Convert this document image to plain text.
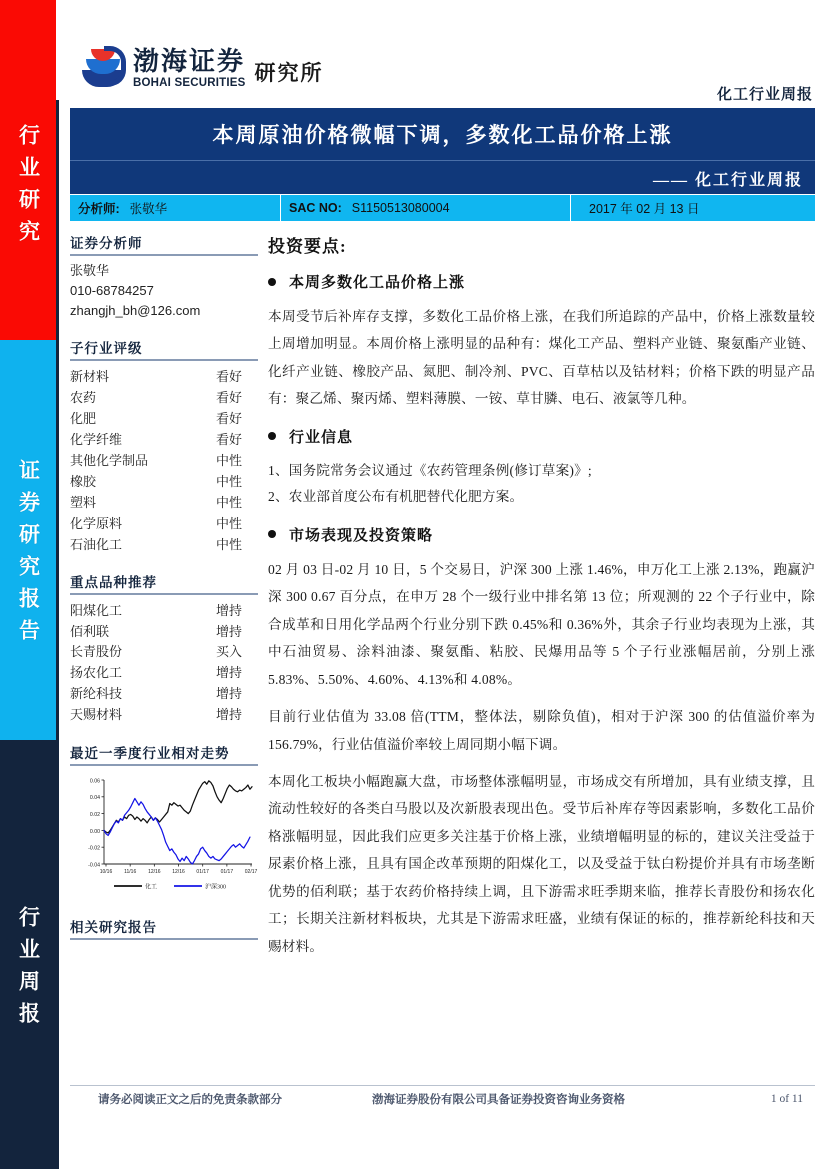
行业研究
证券研究报告
行业周报
渤海证券
BOHAI SECURITIES 研究所
化工行业周报
本周原油价格微幅下调，多数化工品价格上涨
—— 化工行业周报
分析师: 张敬华	SAC NO: S1150513080004	2017 年 02 月 13 日
证券分析师
张敬华
010-68784257
zhangjh_bh@126.com
子行业评级
新材料	看好
农药	看好
化肥	看好
化学纤维	看好
其他化学制品	中性
橡胶	中性
塑料	中性
化学原料	中性
石油化工	中性
重点品种推荐
阳煤化工	增持
佰利联	增持
长青股份	买入
扬农化工	增持
新纶科技	增持
天赐材料	增持
最近一季度行业相对走势
-0.04
-0.02
0.00
0.02
0.04
0.06
10/16 11/16 12/16 12/16 01/17 01/17 02/17
化工	沪深300
相关研究报告
投资要点:
本周多数化工品价格上涨

本周受节后补库存支撑，多数化工品价格上涨，在我们所追踪的产品中，价格上涨数量较上周增加明显。本周价格上涨明显的品种有：煤化工产品、塑料产业链、聚氨酯产业链、化纤产业链、橡胶产品、氮肥、制冷剂、PVC、百草枯以及钴材料；价格下跌的明显产品有：聚乙烯、聚丙烯、塑料薄膜、一铵、草甘膦、电石、液氯等几种。

行业信息

1、国务院常务会议通过《农药管理条例(修订草案)》;

2、农业部首度公布有机肥替代化肥方案。

市场表现及投资策略

02 月 03 日-02 月 10 日，5 个交易日，沪深 300 上涨 1.46%，申万化工上涨 2.13%，跑赢沪深 300 0.67 百分点，在申万 28 个一级行业中排名第 13 位；所观测的 22 个子行业中，除合成革和日用化学品两个行业分别下跌 0.45%和 0.36%外，其余子行业均表现为上涨，其中石油贸易、涂料油漆、聚氨酯、粘胶、民爆用品等 5 个子行业涨幅居前，分别上涨 5.83%、5.50%、4.60%、4.13%和 4.08%。

目前行业估值为 33.08 倍(TTM，整体法，剔除负值)，相对于沪深 300 的估值溢价率为 156.79%，行业估值溢价率较上周同期小幅下调。

本周化工板块小幅跑赢大盘，市场整体涨幅明显，市场成交有所增加，具有业绩支撑，且流动性较好的各类白马股以及次新股表现出色。受节后补库存等因素影响，多数化工品价格涨幅明显，因此我们应更多关注基于价格上涨，业绩增幅明显的标的，建议关注受益于尿素价格上涨，且具有国企改革预期的阳煤化工，以及受益于钛白粉提价并具有市场垄断优势的佰利联；基于农药价格持续上调，且下游需求旺季期来临，推荐长青股份和扬农化工；长期关注新材料板块，尤其是下游需求旺盛，业绩有保证的标的，推荐新纶科技和天赐材料。

请务必阅读正文之后的免责条款部分	渤海证券股份有限公司具备证券投资咨询业务资格	1 of 11
